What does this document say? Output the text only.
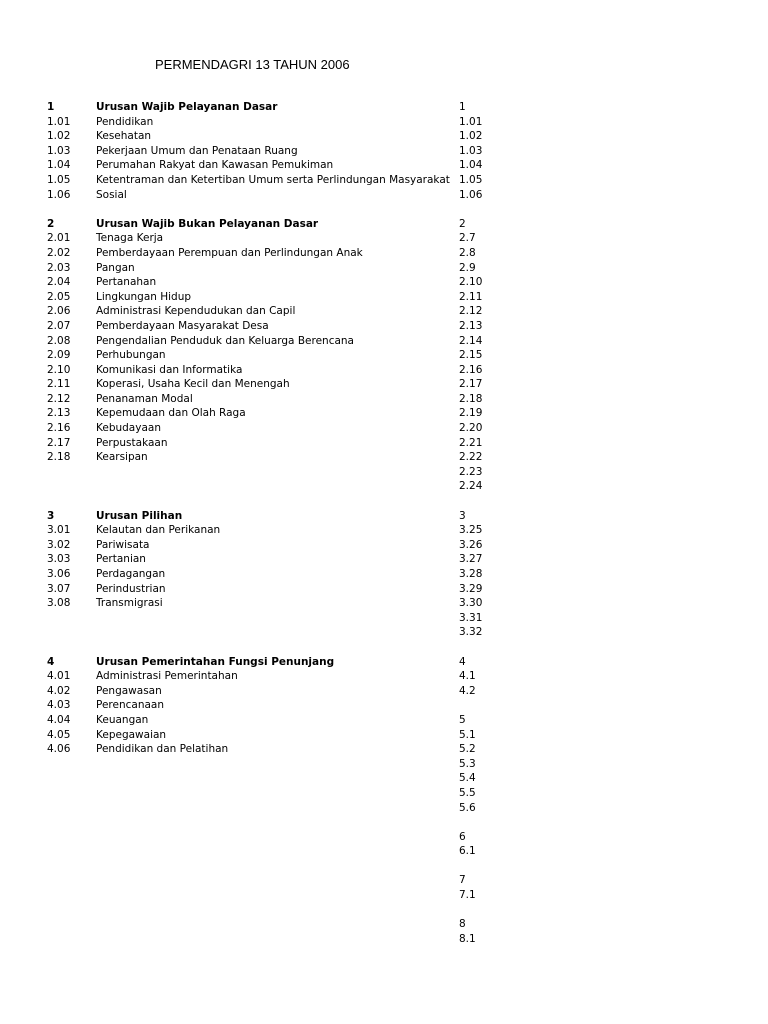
PERMENDAGRI 13 TAHUN 2006
1
1.01
1.02
1.03
1.04
1.05
1.06
2
2.01
2.02
2.03
2.04
2.05
2.06
2.07
2.08
2.09
2.10
2.11
2.12
2.13
2.16
2.17
2.18
3
3.01
3.02
3.03
3.06
3.07
3.08
4
4.01
4.02
4.03
4.04
4.05
4.06
Urusan Wajib Pelayanan Dasar
Pendidikan
Kesehatan
Pekerjaan Umum dan Penataan Ruang
Perumahan Rakyat dan Kawasan Pemukiman
Ketentraman dan Ketertiban Umum serta Perlindungan Masyarakat
Sosial
Urusan Wajib Bukan Pelayanan Dasar
Tenaga Kerja
Pemberdayaan Perempuan dan Perlindungan Anak
Pangan
Pertanahan
Lingkungan Hidup
Administrasi Kependudukan dan Capil
Pemberdayaan Masyarakat Desa
Pengendalian Penduduk dan Keluarga Berencana
Perhubungan
Komunikasi dan Informatika
Koperasi, Usaha Kecil dan Menengah
Penanaman Modal
Kepemudaan dan Olah Raga
Kebudayaan
Perpustakaan
Kearsipan
Urusan Pilihan
Kelautan dan Perikanan
Pariwisata
Pertanian
Perdagangan
Perindustrian
Transmigrasi
Urusan Pemerintahan Fungsi Penunjang
Administrasi Pemerintahan
Pengawasan
Perencanaan
Keuangan
Kepegawaian
Pendidikan dan Pelatihan
1
1.01
1.02
1.03
1.04
1.05
1.06
2
2.7
2.8
2.9
2.10
2.11
2.12
2.13
2.14
2.15
2.16
2.17
2.18
2.19
2.20
2.21
2.22
2.23
2.24
3
3.25
3.26
3.27
3.28
3.29
3.30
3.31
3.32
4
4.1
4.2
5
5.1
5.2
5.3
5.4
5.5
5.6
6
6.1
7
7.1
8
8.1
